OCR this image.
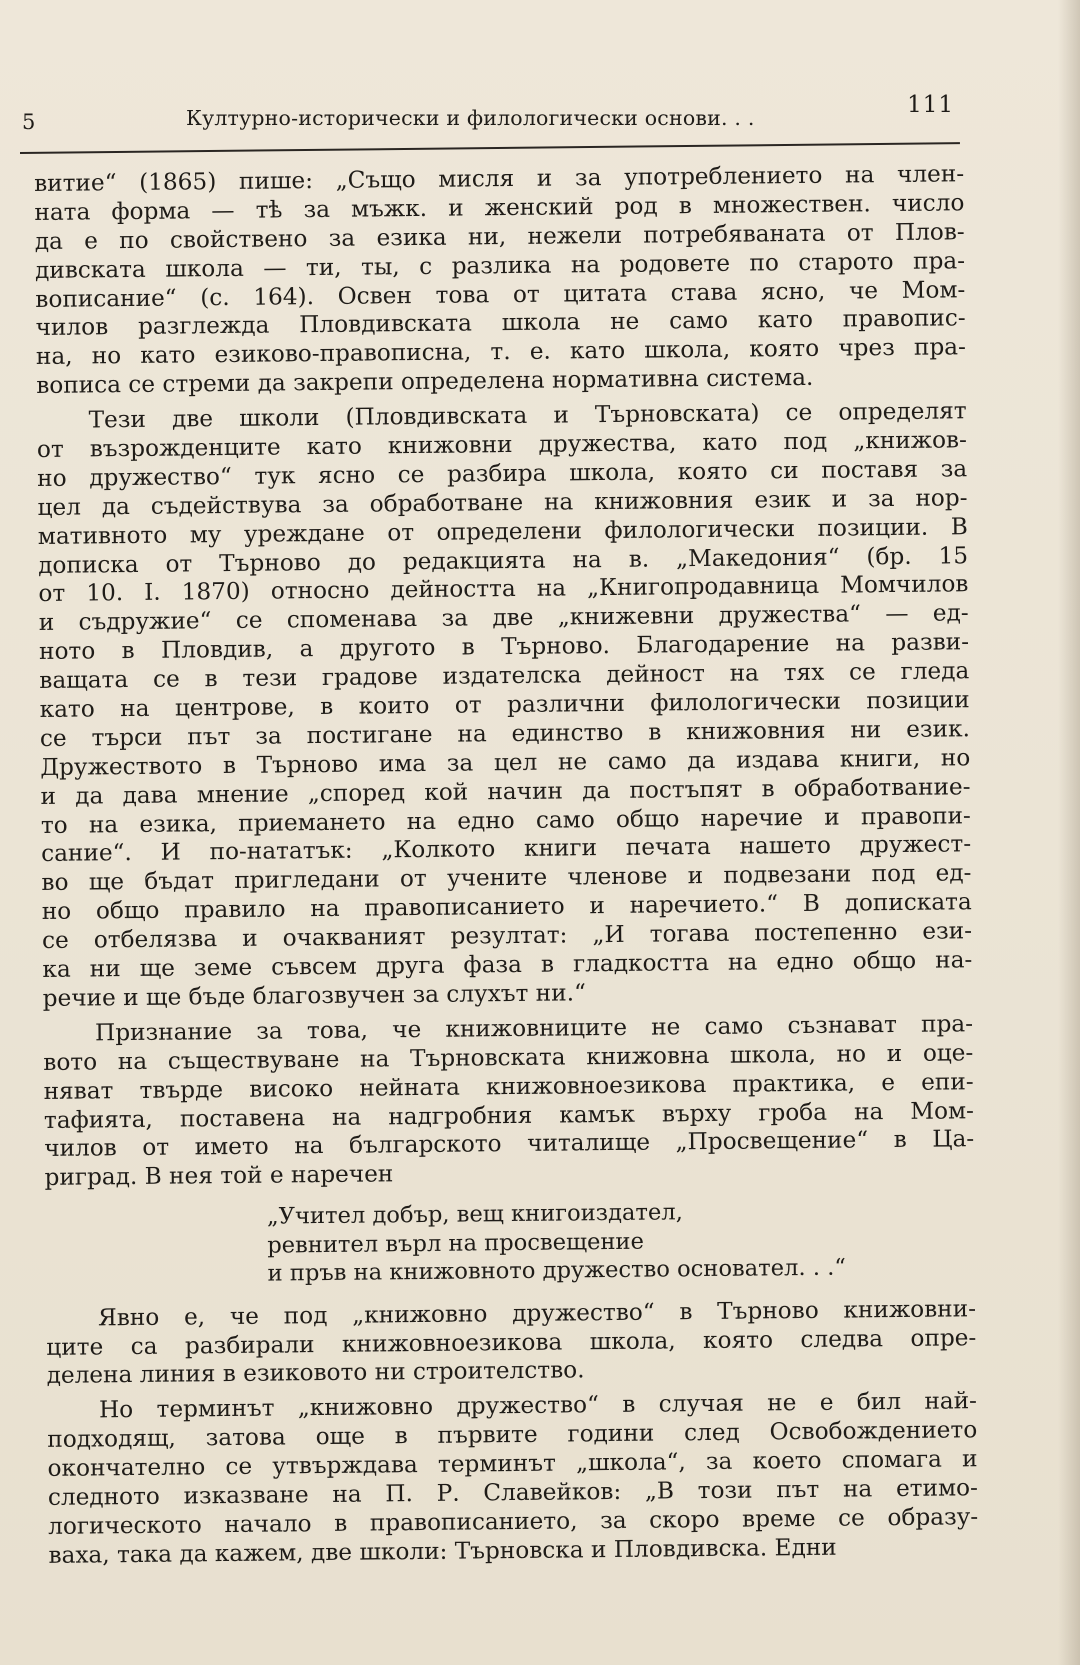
5	Културно-исторически и филологически основи. . .	111
витие“ (1865) пише: „Също мисля и за употреблението на члeн-
ната форма — тѣ за мъжк. и женский род в множествен. число
да е по свойствено за езика ни, нежели потребяваната от Плов-
дивската школа — ти, ты, с разлика на родовете по старото пра-
вописание“ (с. 164). Освен това от цитата става ясно, че Мом-
чилов разглежда Пловдивската школа не само като правопис-
на, но като езиково-правописна, т. е. като школа, която чрез пра-
вописа се стреми да закрепи определена нормативна система.
Тези две школи (Пловдивската и Търновската) се определят
от възрожденците като книжовни дружества, като под „книжов-
но дружество“ тук ясно се разбира школа, която си поставя за
цел да съдействува за обработване на книжовния език и за нор-
мативното му уреждане от определени филологически позиции. В
дописка от Търново до редакцията на в. „Македония“ (бр. 15
от 10. I. 1870) относно дейността на „Книгопродавница Момчилов
и съдружие“ се споменава за две „книжевни дружества“ — ед-
ното в Пловдив, а другото в Търново. Благодарение на разви-
ващата се в тези градове издателска дейност на тях се гледа
като на центрове, в които от различни филологически позиции
се търси път за постигане на единство в книжовния ни език.
Дружеството в Търново има за цел не само да издава книги, но
и да дава мнение „според кой начин да постъпят в обработвание-
то на езика, приемането на едно само общо наречие и правопи-
сание“. И по-нататък: „Колкото книги печата нашето дружест-
во ще бъдат пригледани от учените членове и подвезани под ед-
но общо правило на правописанието и наречието.“ В дописката
се отбелязва и очакваният резултат: „И тогава постепенно ези-
ка ни ще земе съвсем друга фаза в гладкостта на едно общо на-
речие и ще бъде благозвучен за слухът ни.“
Признание за това, че книжовниците не само съзнават пра-
вото на съществуване на Търновската книжовна школа, но и оце-
няват твърде високо нейната книжовноезикова практика, е епи-
тафията, поставена на надгробния камък върху гроба на Мом-
чилов от името на българското читалище „Просвещение“ в Ца-
риград. В нея той е наречен
„Учител добър, вещ книгоиздател,
ревнител върл на просвещение
и пръв на книжовното дружество основател. . .“
Явно е, че под „книжовно дружество“ в Търново книжовни-
ците са разбирали книжовноезикова школа, която следва опре-
делена линия в езиковото ни строителство.
Но терминът „книжовно дружество“ в случая не е бил най-
подходящ, затова още в първите години след Освобождението
окончателно се утвърждава терминът „школа“, за което спомага и
следното изказване на П. Р. Славейков: „В този път на етимо-
логическото начало в правописанието, за скоро време се образу-
ваха, така да кажем, две школи: Търновска и Пловдивска. Едни
